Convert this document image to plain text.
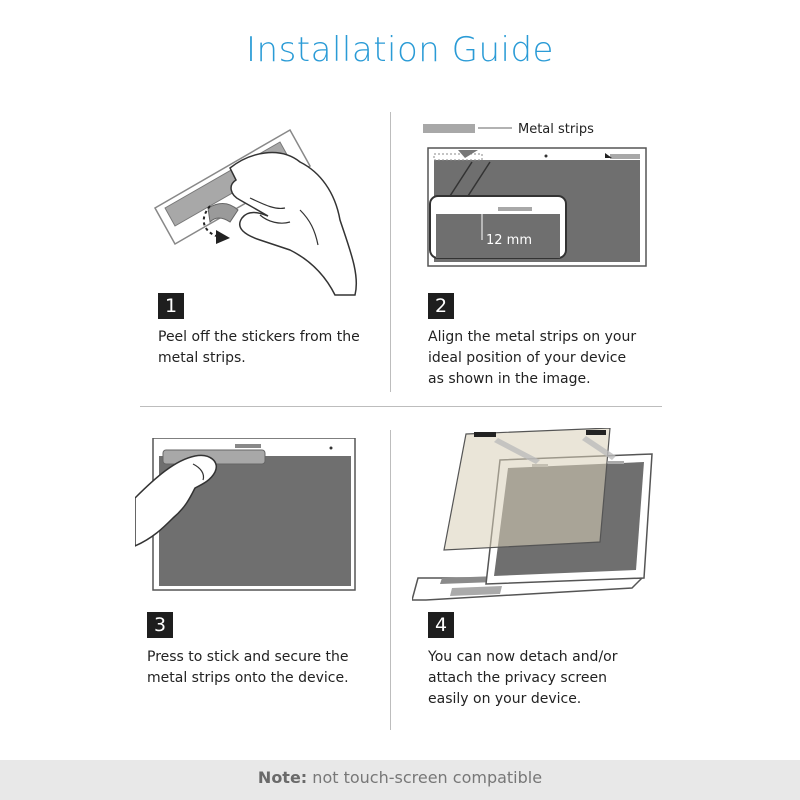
Installation Guide
Metal strips
12 mm
1
Peel off the stickers from the metal strips.
2
Align the metal strips on your ideal position of your device as shown in the image.
3
Press to stick and secure the metal strips onto the device.
4
You can now detach and/or attach the privacy screen easily on your device.
Note: not touch-screen compatible
